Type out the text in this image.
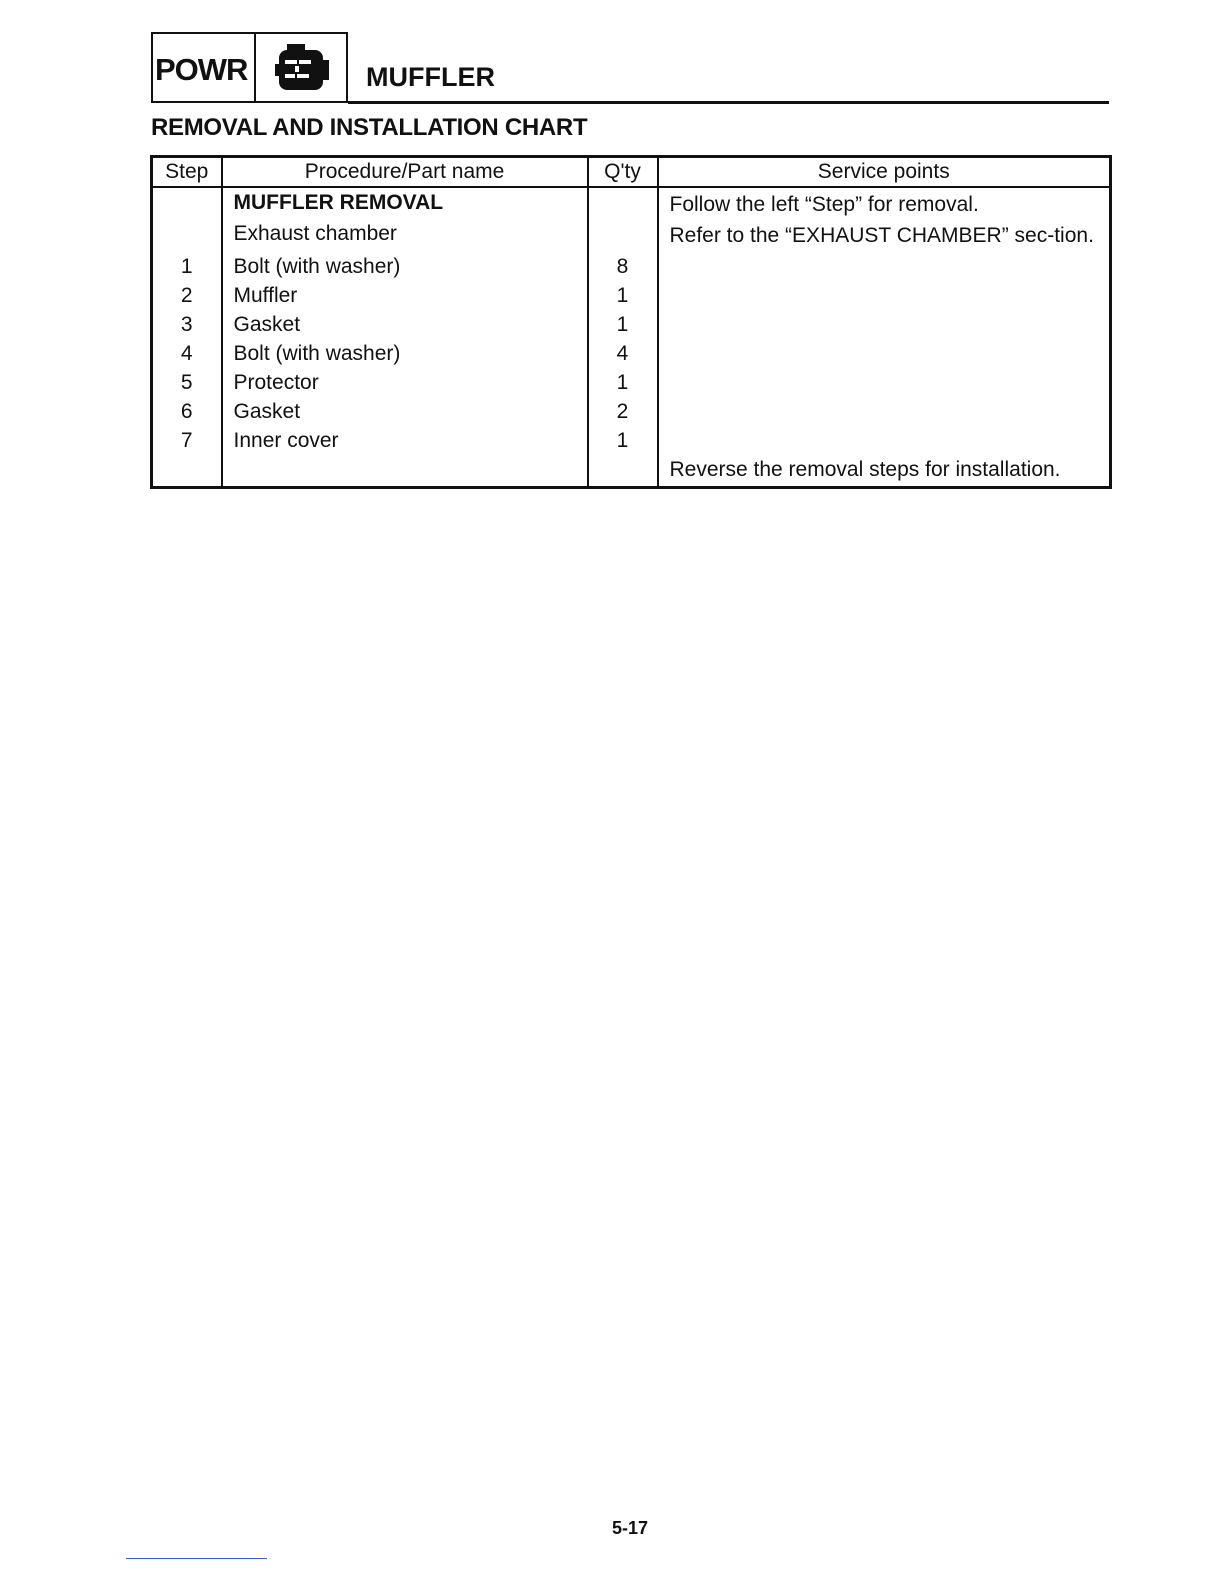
POWR	MUFFLER
REMOVAL AND INSTALLATION CHART
Step	Procedure/Part name	Q'ty	Service points
	MUFFLER REMOVAL		Follow the left “Step” for removal.
	Exhaust chamber		Refer to the “EXHAUST CHAMBER” sec-tion.
1	Bolt (with washer)	8	
2	Muffler	1	
3	Gasket	1	
4	Bolt (with washer)	4	
5	Protector	1	
6	Gasket	2	
7	Inner cover	1	
			Reverse the removal steps for installation.
5-17
